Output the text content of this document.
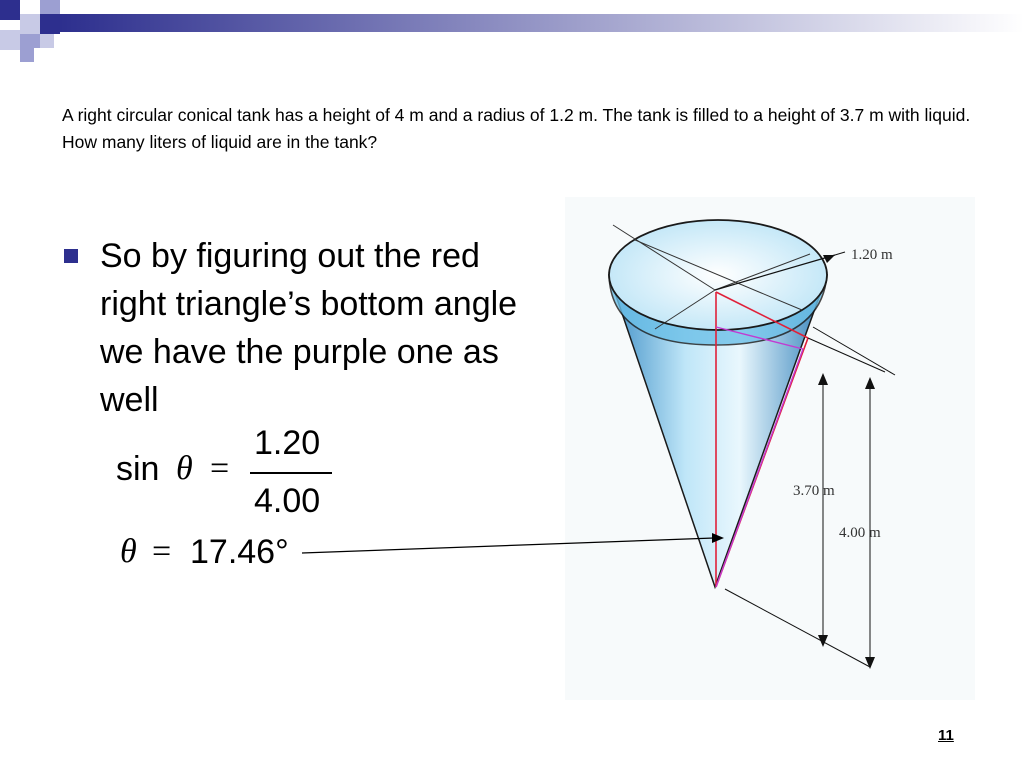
A right circular conical tank has a height of 4 m and a radius of 1.2 m. The tank is filled to a height of 3.7 m with liquid. How many liters of liquid are in the tank?
So by figuring out the red right triangle’s bottom angle we have the purple one as well
sin θ =
1.20
4.00
θ = 17.46°
1.20 m
3.70 m
4.00 m
11
